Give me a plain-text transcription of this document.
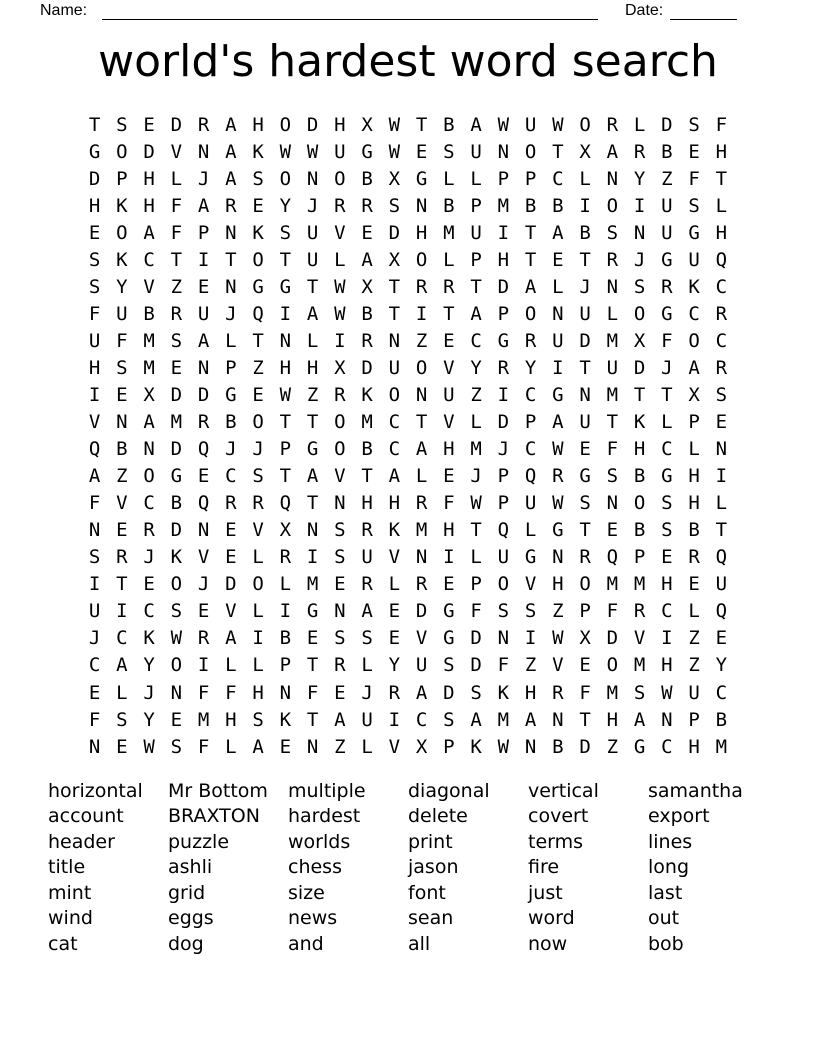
Name:	Date:
world's hardest word search
T S E D R A H O D H X W T B A W U W O R L D S F
G O D V N A K W W U G W E S U N O T X A R B E H
D P H L J A S O N O B X G L L P P C L N Y Z F T
H K H F A R E Y J R R S N B P M B B I O I U S L
E O A F P N K S U V E D H M U I T A B S N U G H
S K C T I T O T U L A X O L P H T E T R J G U Q
S Y V Z E N G G T W X T R R T D A L J N S R K C
F U B R U J Q I A W B T I T A P O N U L O G C R
U F M S A L T N L I R N Z E C G R U D M X F O C
H S M E N P Z H H X D U O V Y R Y I T U D J A R
I E X D D G E W Z R K O N U Z I C G N M T T X S
V N A M R B O T T O M C T V L D P A U T K L P E
Q B N D Q J J P G O B C A H M J C W E F H C L N
A Z O G E C S T A V T A L E J P Q R G S B G H I
F V C B Q R R Q T N H H R F W P U W S N O S H L
N E R D N E V X N S R K M H T Q L G T E B S B T
S R J K V E L R I S U V N I L U G N R Q P E R Q
I T E O J D O L M E R L R E P O V H O M M H E U
U I C S E V L I G N A E D G F S S Z P F R C L Q
J C K W R A I B E S S E V G D N I W X D V I Z E
C A Y O I L L P T R L Y U S D F Z V E O M H Z Y
E L J N F F H N F E J R A D S K H R F M S W U C
F S Y E M H S K T A U I C S A M A N T H A N P B
N E W S F L A E N Z L V X P K W N B D Z G C H M
horizontal
account
header
title
mint
wind
cat
Mr Bottom
BRAXTON
puzzle
ashli
grid
eggs
dog
multiple
hardest
worlds
chess
size
news
and
diagonal
delete
print
jason
font
sean
all
vertical
covert
terms
fire
just
word
now
samantha
export
lines
long
last
out
bob
